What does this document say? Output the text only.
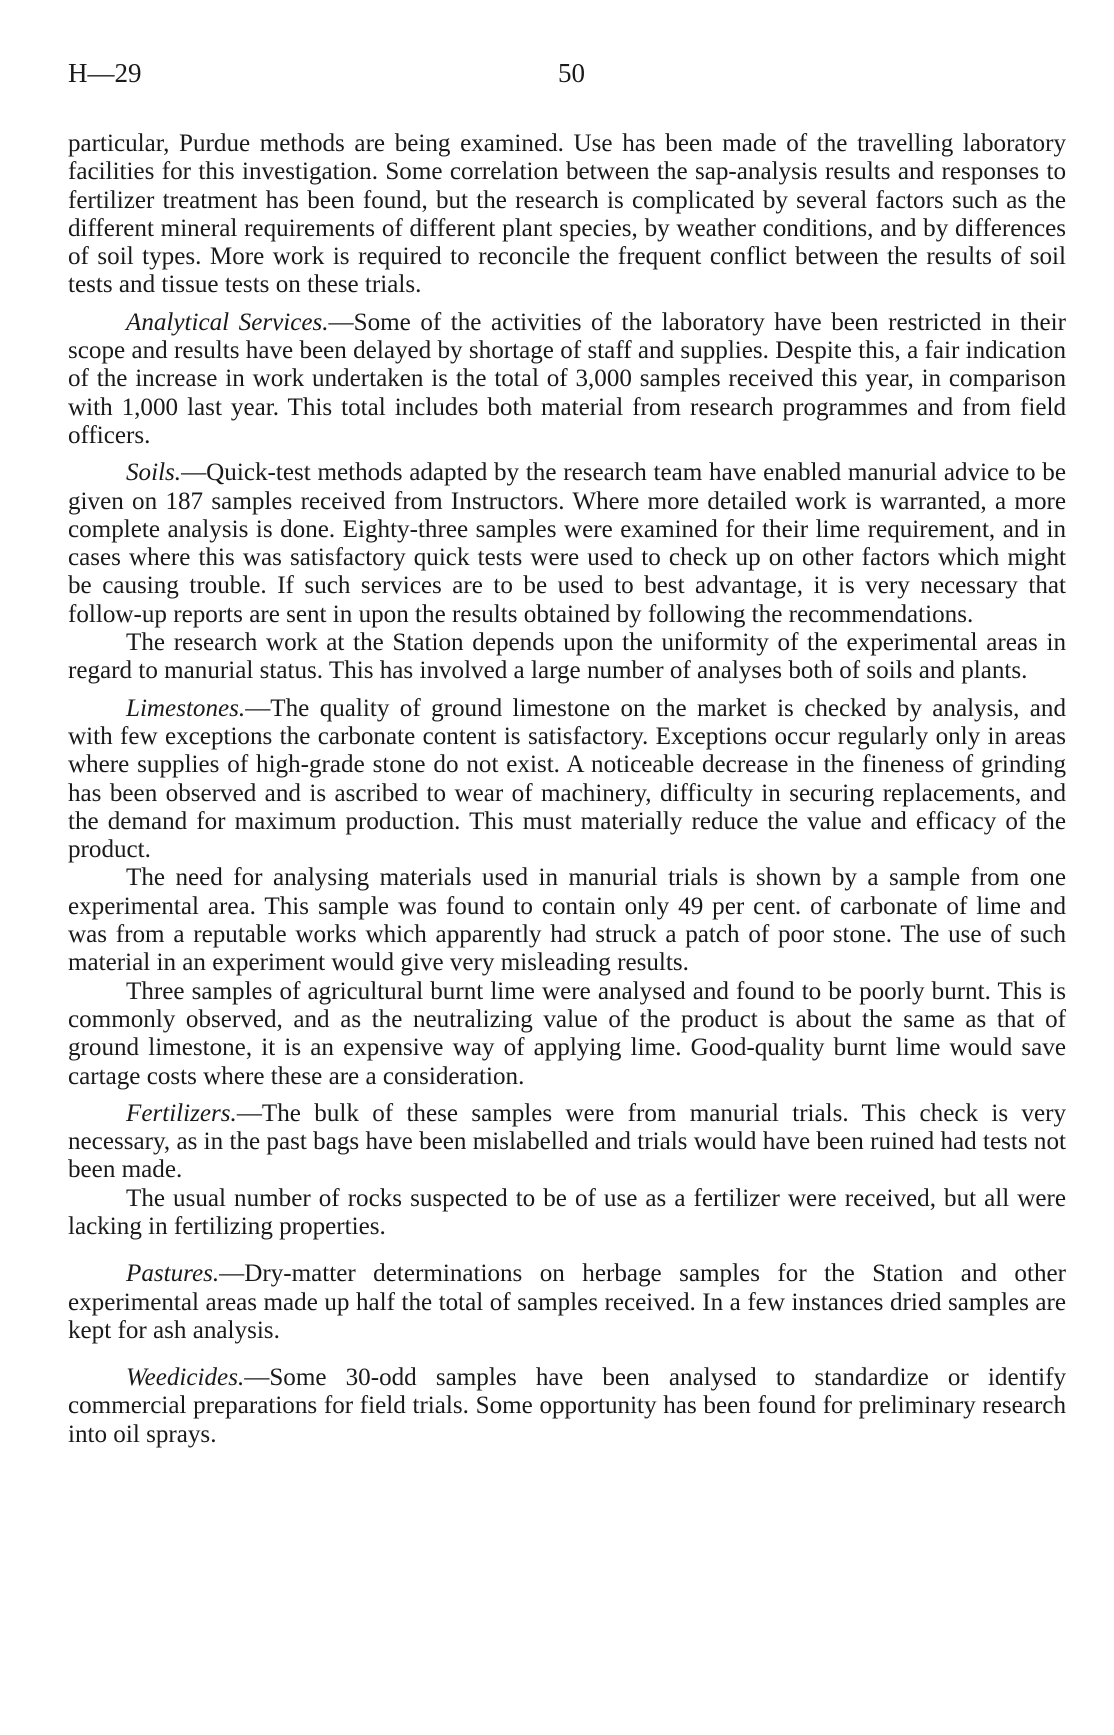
H—29	50

particular, Purdue methods are being examined. Use has been made of the travelling laboratory facilities for this investigation. Some correlation between the sap-analysis results and responses to fertilizer treatment has been found, but the research is complicated by several factors such as the different mineral requirements of different plant species, by weather conditions, and by differences of soil types. More work is required to reconcile the frequent conflict between the results of soil tests and tissue tests on these trials.

Analytical Services.—Some of the activities of the laboratory have been restricted in their scope and results have been delayed by shortage of staff and supplies. Despite this, a fair indication of the increase in work undertaken is the total of 3,000 samples received this year, in comparison with 1,000 last year. This total includes both material from research programmes and from field officers.

Soils.—Quick-test methods adapted by the research team have enabled manurial advice to be given on 187 samples received from Instructors. Where more detailed work is warranted, a more complete analysis is done. Eighty-three samples were examined for their lime requirement, and in cases where this was satisfactory quick tests were used to check up on other factors which might be causing trouble. If such services are to be used to best advantage, it is very necessary that follow-up reports are sent in upon the results obtained by following the recommendations.

The research work at the Station depends upon the uniformity of the experimental areas in regard to manurial status. This has involved a large number of analyses both of soils and plants.

Limestones.—The quality of ground limestone on the market is checked by analysis, and with few exceptions the carbonate content is satisfactory. Exceptions occur regularly only in areas where supplies of high-grade stone do not exist. A noticeable decrease in the fineness of grinding has been observed and is ascribed to wear of machinery, difficulty in securing replacements, and the demand for maximum production. This must materially reduce the value and efficacy of the product.

The need for analysing materials used in manurial trials is shown by a sample from one experimental area. This sample was found to contain only 49 per cent. of carbonate of lime and was from a reputable works which apparently had struck a patch of poor stone. The use of such material in an experiment would give very misleading results.

Three samples of agricultural burnt lime were analysed and found to be poorly burnt. This is commonly observed, and as the neutralizing value of the product is about the same as that of ground limestone, it is an expensive way of applying lime. Good-quality burnt lime would save cartage costs where these are a consideration.

Fertilizers.—The bulk of these samples were from manurial trials. This check is very necessary, as in the past bags have been mislabelled and trials would have been ruined had tests not been made.

The usual number of rocks suspected to be of use as a fertilizer were received, but all were lacking in fertilizing properties.

Pastures.—Dry-matter determinations on herbage samples for the Station and other experimental areas made up half the total of samples received. In a few instances dried samples are kept for ash analysis.

Weedicides.—Some 30-odd samples have been analysed to standardize or identify commercial preparations for field trials. Some opportunity has been found for preliminary research into oil sprays.
